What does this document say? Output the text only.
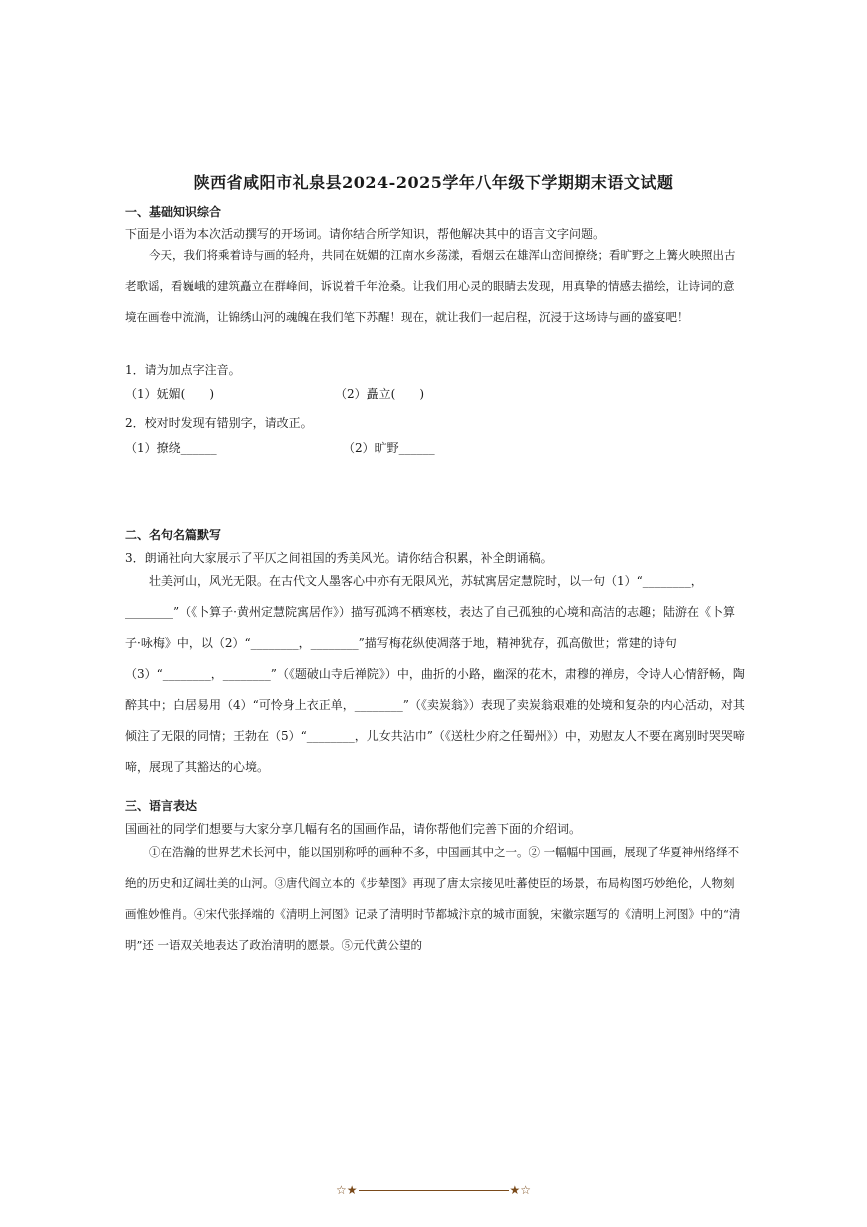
陕西省咸阳市礼泉县2024-2025学年八年级下学期期末语文试题
一、基础知识综合
下面是小语为本次活动撰写的开场词。请你结合所学知识，帮他解决其中的语言文字问题。
今天，我们将乘着诗与画的轻舟，共同在妩媚的江南水乡荡漾，看烟云在雄浑山峦间撩绕；看旷野之上篝火映照出古老歌谣，看巍峨的建筑矗立在群峰间，诉说着千年沧桑。让我们用心灵的眼睛去发现，用真挚的情感去描绘，让诗词的意境在画卷中流淌，让锦绣山河的魂魄在我们笔下苏醒！现在，就让我们一起启程，沉浸于这场诗与画的盛宴吧！
1．请为加点字注音。
（1）妩媚(　　)	（2）矗立(　　)
2．校对时发现有错别字，请改正。
（1）撩绕______	（2）旷野______
二、名句名篇默写
3．朗诵社向大家展示了平仄之间祖国的秀美风光。请你结合积累，补全朗诵稿。
壮美河山，风光无限。在古代文人墨客心中亦有无限风光，苏轼寓居定慧院时，以一句（1）“________，________”（《卜算子·黄州定慧院寓居作》）描写孤鸿不栖寒枝，表达了自己孤独的心境和高洁的志趣；陆游在《卜算子·咏梅》中，以（2）“________，________”描写梅花纵使凋落于地，精神犹存，孤高傲世；常建的诗句（3）“________，________”（《题破山寺后禅院》）中，曲折的小路，幽深的花木，肃穆的禅房，令诗人心情舒畅，陶醉其中；白居易用（4）“可怜身上衣正单，________”（《卖炭翁》）表现了卖炭翁艰难的处境和复杂的内心活动，对其倾注了无限的同情；王勃在（5）“________，儿女共沾巾”（《送杜少府之任蜀州》）中，劝慰友人不要在离别时哭哭啼啼，展现了其豁达的心境。
三、语言表达
国画社的同学们想要与大家分享几幅有名的国画作品，请你帮他们完善下面的介绍词。
①在浩瀚的世界艺术长河中，能以国别称呼的画种不多，中国画其中之一。② 一幅幅中国画，展现了华夏神州络绎不绝的历史和辽阔壮美的山河。③唐代阎立本的《步辇图》再现了唐太宗接见吐蕃使臣的场景，布局构图巧妙绝伦，人物刻画惟妙惟肖。④宋代张择端的《清明上河图》记录了清明时节都城汴京的城市面貌，宋徽宗题写的《清明上河图》中的“清明”还 一语双关地表达了政治清明的愿景。⑤元代黄公望的
☆★	★☆
